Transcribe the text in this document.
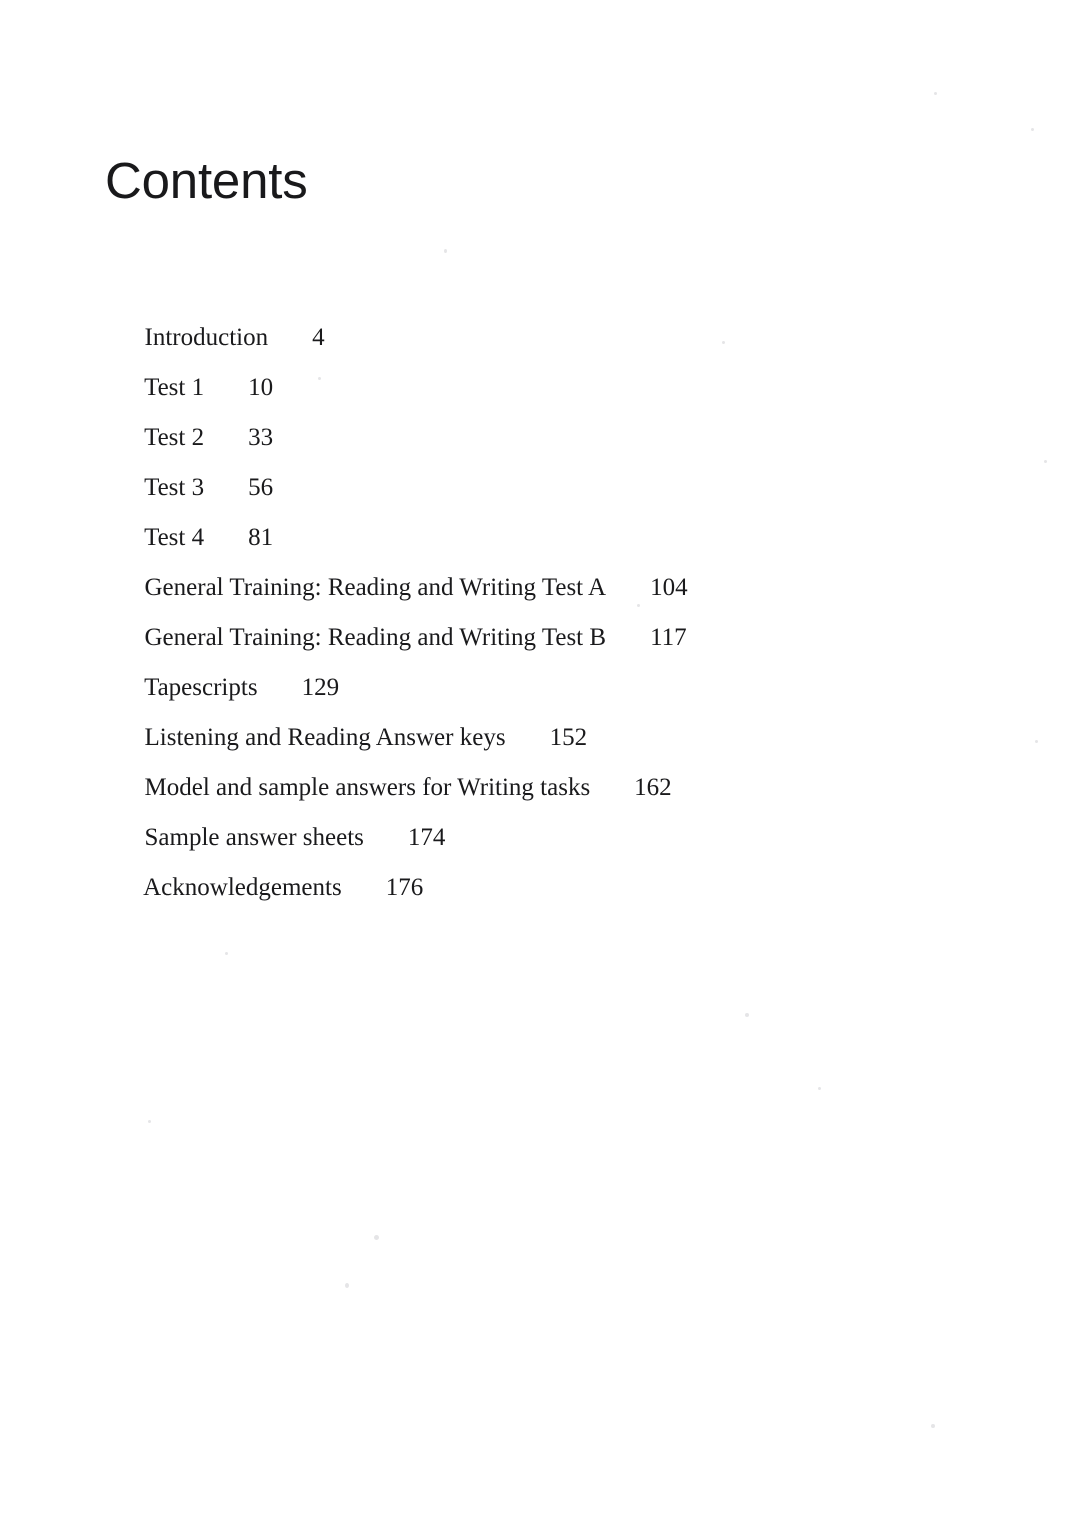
Contents

Introduction 4

Test 1 10

Test 2 33

Test 3 56

Test 4 81

General Training: Reading and Writing Test A 104

General Training: Reading and Writing Test B 117

Tapescripts 129

Listening and Reading Answer keys 152

Model and sample answers for Writing tasks 162

Sample answer sheets 174

Acknowledgements 176
